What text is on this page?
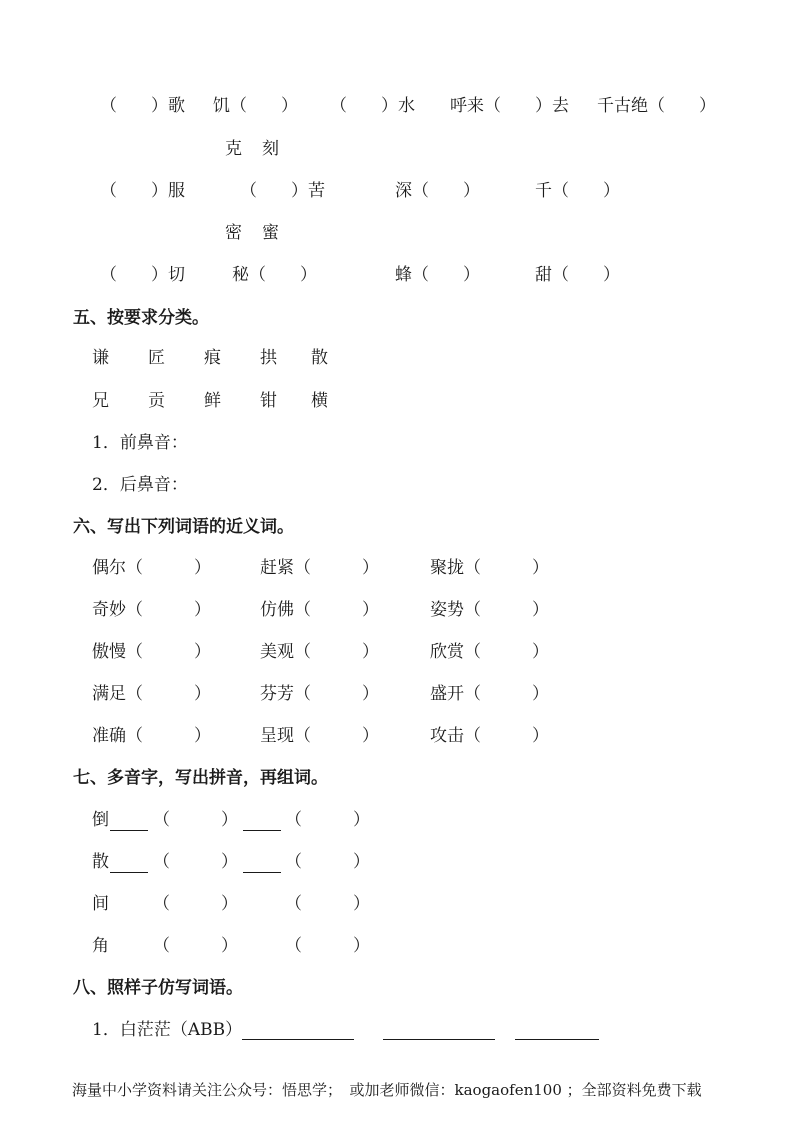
（　　）歌 饥（　　） （　　）水 呼来（　　）去 千古绝（　　）
克 刻
（　　）服	（　　）苦	深（　　）	千（　　）
密 蜜
（　　）切	秘（　　）	蜂（　　）	甜（　　）
五、按要求分类。
谦 匠 痕 拱 散
兄 贡 鲜 钳 横
1．前鼻音：
2．后鼻音：
六、写出下列词语的近义词。
偶尔（　　　）	赶紧（　　　）	聚拢（　　　）
奇妙（　　　）	仿佛（　　　）	姿势（　　　）
傲慢（　　　）	美观（　　　）	欣赏（　　　）
满足（　　　）	芬芳（　　　）	盛开（　　　）
准确（　　　）	呈现（　　　）	攻击（　　　）
七、多音字，写出拼音，再组词。
倒	（　　　）	（　　　）
散	（　　　）	（　　　）
间	（　　　）	（　　　）
角	（　　　）	（　　　）
八、照样子仿写词语。
1．白茫茫（ABB）
海量中小学资料请关注公众号：悟思学；　或加老师微信：kaogaofen100 ；全部资料免费下载
